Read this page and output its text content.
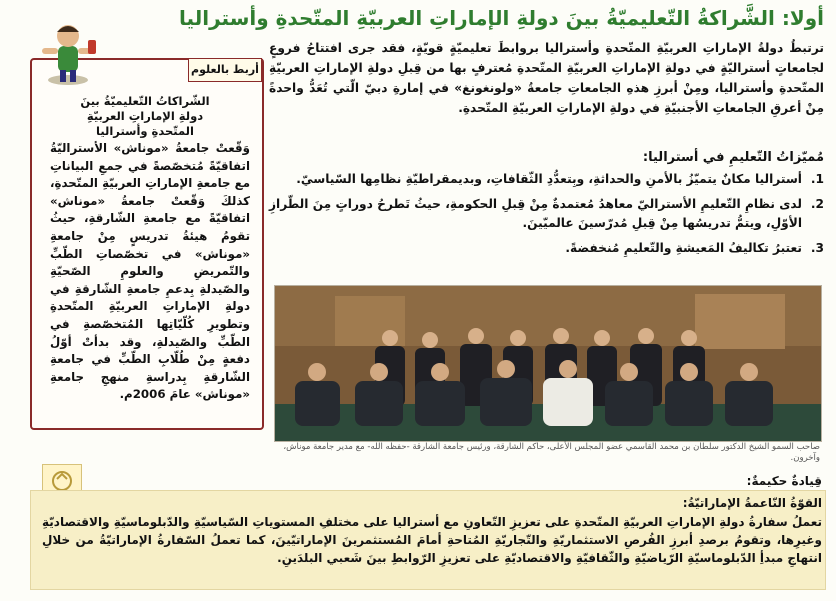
أولا: الشَّراكةُ التّعليميّةُ بينَ دولةِ الإماراتِ العربيّةِ المتّحدةِ وأستراليا
ترتبطُ دولةُ الإماراتِ العربيّةِ المتّحدةِ وأستراليا بروابطَ تعليميّةٍ قويّةٍ، فقد جرى افتتاحُ فروعٍ لجامعاتٍ أستراليّةٍ في دولةِ الإماراتِ العربيّةِ المتّحدةِ مُعترفٍ بها من قِبلِ دولةِ الإماراتِ العربيّةِ المتّحدةِ وأستراليا، ومِنْ أبرزِ هذهِ الجامعاتِ جامعةُ «ولونغونغ» في إمارةِ دبيّ الّتي تُعَدُّ واحدةً مِنْ أعرقِ الجامعاتِ الأجنبيّةِ في دولةِ الإماراتِ العربيّةِ المتّحدةِ.
مُميّزاتُ التّعليمِ في أستراليا:
1.
أستراليا مكانٌ يتميّزُ بالأمنِ والحداثةِ، وبِتعدُّدِ الثّقافاتِ، وبديمقراطيّةِ نظامِها السّياسيّ.
2.
لدى نظامِ التّعليمِ الأستراليّ معاهدُ مُعتمدةٌ مِنْ قِبلِ الحكومةِ، حيثُ تَطرحُ دوراتٍ مِنَ الطّرازِ الأوّلِ، ويتمُّ تدريسُها مِنْ قِبلِ مُدرّسينَ عالميّينَ.
3.
تعتبرُ تكاليفُ المَعيشةِ والتّعليمِ مُنخفضةً.
صاحب السمو الشيخ الدكتور سلطان بن محمد القاسمي عضو المجلس الأعلى، حاكم الشارقة، ورئيس جامعة الشارقة -حفظه الله- مع مدير جامعة موناش، وآخرون.
أربط بالعلوم
الشّراكاتُ التّعليميّةُ بينَ دولةِ الإماراتِ العربيّةِ المتّحدةِ وأستراليا
وَقّعتْ جامعةُ «موناش» الأستراليّةُ اتفاقيّةً مُتخصّصةً في جمعِ البياناتِ مع جامعةِ الإماراتِ العربيّةِ المتّحدةِ، كذلكَ وَقّعتْ جامعةُ «موناش» اتفاقيّةً مع جامعةِ الشّارقةِ، حيثُ تقومُ هيئةُ تدريسٍ مِنْ جامعةِ «موناش» في تخصّصاتِ الطّبِّ والتّمريضِ والعلومِ الصّحيّةِ والصّيدلةِ بِدعمِ جامعةِ الشّارقةِ في دولةِ الإماراتِ العربيّةِ المتّحدةِ وتطويرِ كُلّيّاتِها المُتخصّصةِ في الطّبِّ والصّيدلةِ، وقد بدأتْ أوّلُ دفعةٍ مِنْ طُلّابِ الطّبِّ في جامعةِ الشّارقةِ بِدراسةِ منهجِ جامعةِ «موناش» عامَ 2006م.
قِيادةٌ حكيمةٌ:
القوّةُ النّاعمةُ الإماراتيّةُ:
تعملُ سفارةُ دولةِ الإماراتِ العربيّةِ المتّحدةِ على تعزيزِ التّعاونِ مع أستراليا على مختلفِ المستوياتِ السّياسيّةِ والدّبلوماسيّةِ والاقتصاديّةِ وغيرِها، وتقومُ برصدِ أبرزِ الفُرصِ الاستثماريّةِ والتّجاريّةِ المُتاحةِ أمامَ المُستثمرينَ الإماراتيّينَ، كما تعملُ السّفارةُ الإماراتيّةُ من خلالِ انتهاجِ مبدأِ الدّبلوماسيّةِ الرّياضيّةِ والثّقافيّةِ والاقتصاديّةِ على تعزيزِ الرّوابطِ بينَ شَعبي البلدَينِ.
